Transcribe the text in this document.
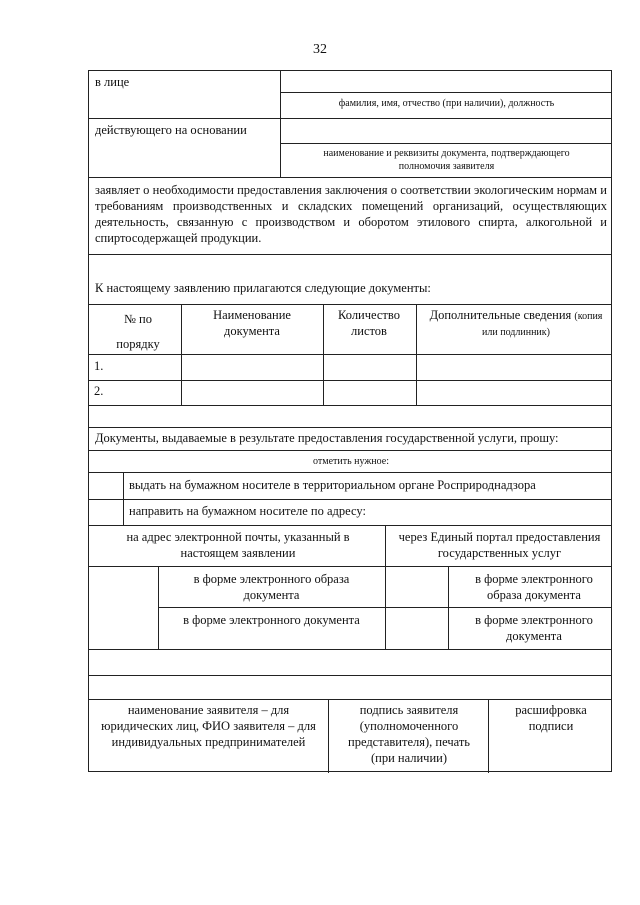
32
в лице
фамилия, имя, отчество (при наличии), должность
действующего на основании
наименование и реквизиты документа, подтверждающего полномочия заявителя
заявляет о необходимости предоставления заключения о соответствии экологическим нормам и требованиям производственных и складских помещений организаций, осуществляющих деятельность, связанную с производством и оборотом этилового спирта, алкогольной и спиртосодержащей продукции.
К настоящему заявлению прилагаются следующие документы:
№ по порядку
Наименование документа
Количество листов
Дополнительные сведения (копия или подлинник)
1.
2.
Документы, выдаваемые в результате предоставления государственной услуги, прошу:
отметить нужное:
выдать на бумажном носителе в территориальном органе Росприроднадзора
направить на бумажном носителе по адресу:
на адрес электронной почты, указанный в настоящем заявлении
через Единый портал предоставления государственных услуг
в форме электронного образа документа
в форме электронного образа документа
в форме электронного документа	в форме электронного документа
наименование заявителя – для юридических лиц, ФИО заявителя – для индивидуальных предпринимателей
подпись заявителя (уполномоченного представителя), печать (при наличии)
расшифровка подписи
